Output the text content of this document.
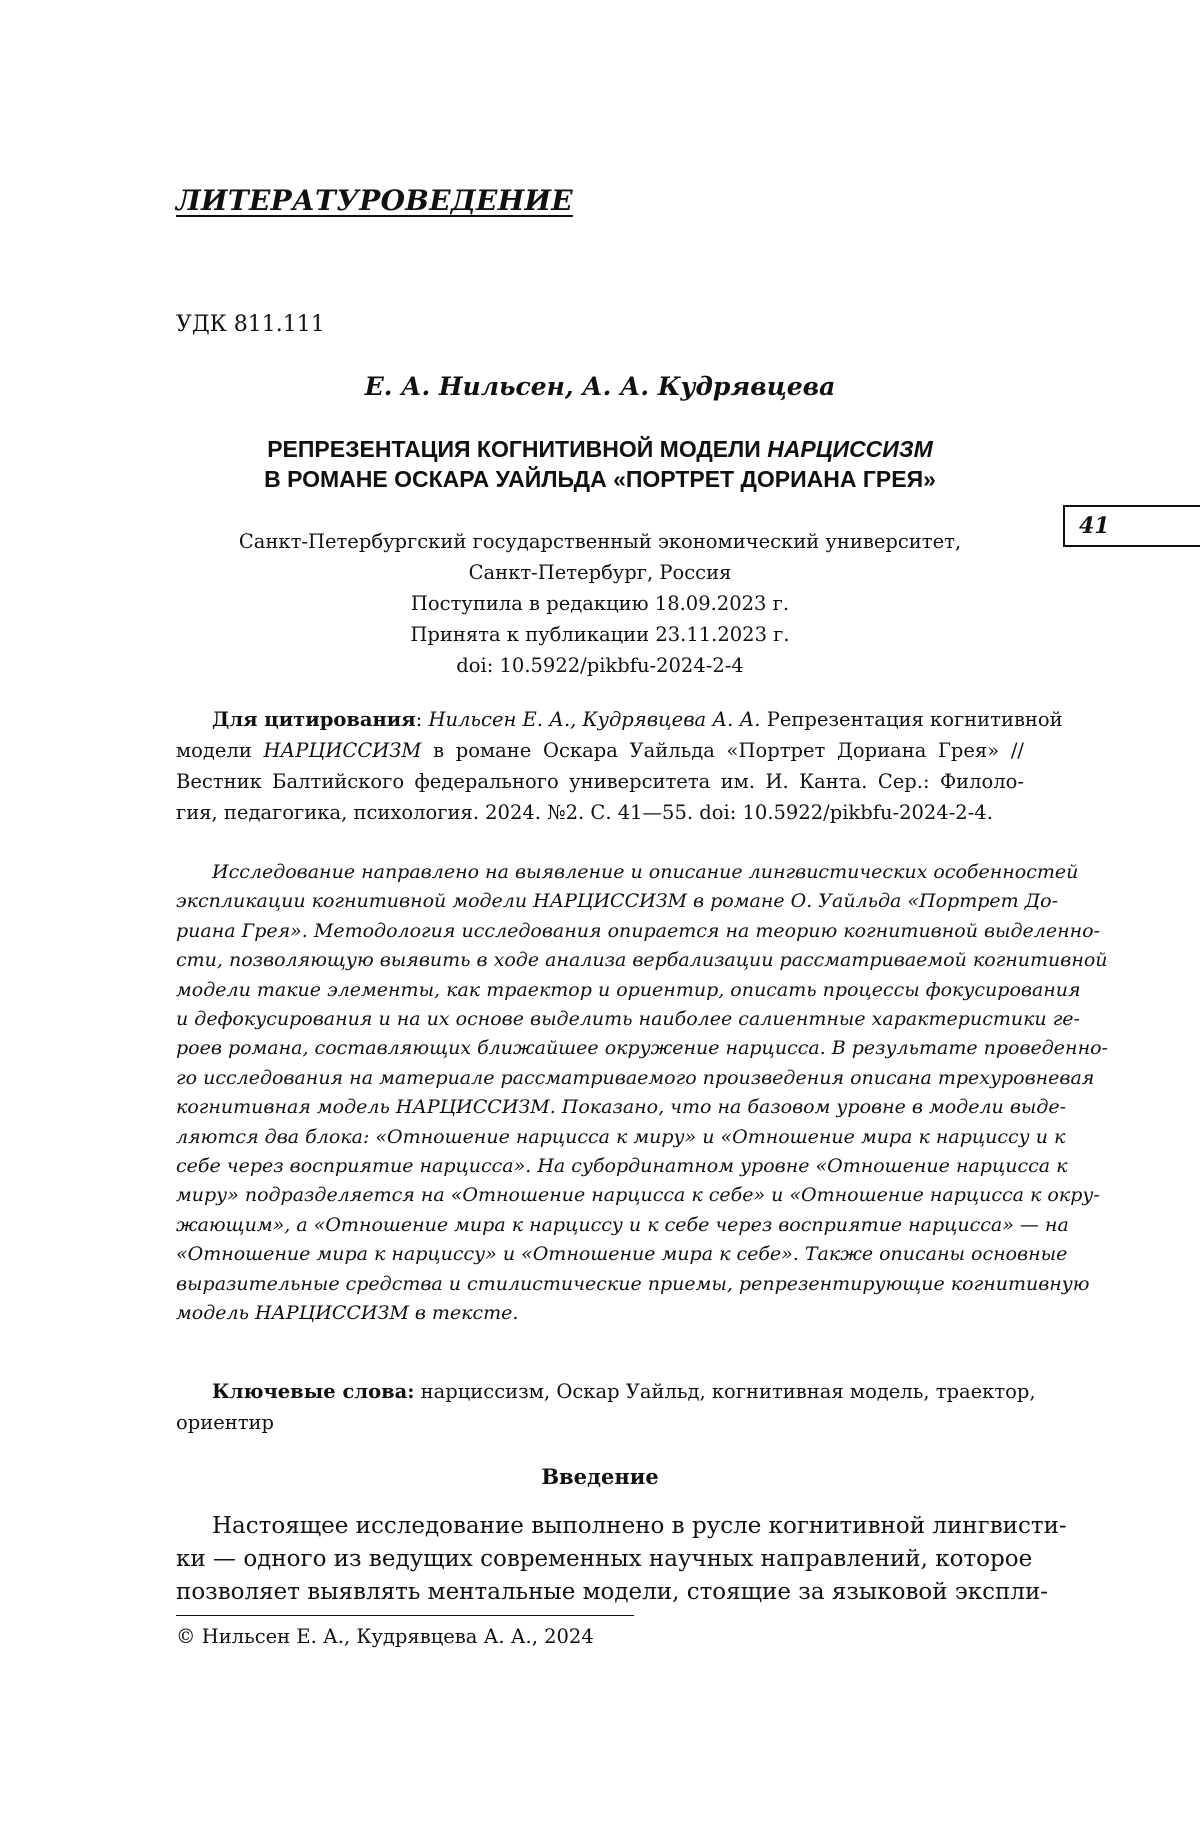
ЛИТЕРАТУРОВЕДЕНИЕ
УДК 811.111
Е. А. Нильсен, А. А. Кудрявцева
РЕПРЕЗЕНТАЦИЯ КОГНИТИВНОЙ МОДЕЛИ НАРЦИССИЗМ
В РОМАНЕ ОСКАРА УАЙЛЬДА «ПОРТРЕТ ДОРИАНА ГРЕЯ»
41
Санкт-Петербургский государственный экономический университет,
Санкт-Петербург, Россия
Поступила в редакцию 18.09.2023 г.
Принята к публикации 23.11.2023 г.
doi: 10.5922/pikbfu-2024-2-4
Для цитирования: Нильсен Е. А., Кудрявцева А. А. Репрезентация когнитивной
модели НАРЦИССИЗМ в романе Оскара Уайльда «Портрет Дориана Грея» //
Вестник Балтийского федерального университета им. И. Канта. Сер.: Филоло-
гия, педагогика, психология. 2024. №2. С. 41—55. doi: 10.5922/pikbfu-2024-2-4.
Исследование направлено на выявление и описание лингвистических особенностей
экспликации когнитивной модели НАРЦИССИЗМ в романе О. Уайльда «Портрет До-
риана Грея». Методология исследования опирается на теорию когнитивной выделенно-
сти, позволяющую выявить в ходе анализа вербализации рассматриваемой когнитивной
модели такие элементы, как траектор и ориентир, описать процессы фокусирования
и дефокусирования и на их основе выделить наиболее салиентные характеристики ге-
роев романа, составляющих ближайшее окружение нарцисса. В результате проведенно-
го исследования на материале рассматриваемого произведения описана трехуровневая
когнитивная модель НАРЦИССИЗМ. Показано, что на базовом уровне в модели выде-
ляются два блока: «Отношение нарцисса к миру» и «Отношение мира к нарциссу и к
себе через восприятие нарцисса». На субординатном уровне «Отношение нарцисса к
миру» подразделяется на «Отношение нарцисса к себе» и «Отношение нарцисса к окру-
жающим», а «Отношение мира к нарциссу и к себе через восприятие нарцисса» — на
«Отношение мира к нарциссу» и «Отношение мира к себе». Также описаны основные
выразительные средства и стилистические приемы, репрезентирующие когнитивную
модель НАРЦИССИЗМ в тексте.
Ключевые слова: нарциссизм, Оскар Уайльд, когнитивная модель, траектор,
ориентир
Введение
Настоящее исследование выполнено в русле когнитивной лингвисти-
ки — одного из ведущих современных научных направлений, которое
позволяет выявлять ментальные модели, стоящие за языковой экспли-
© Нильсен Е. А., Кудрявцева А. А., 2024
